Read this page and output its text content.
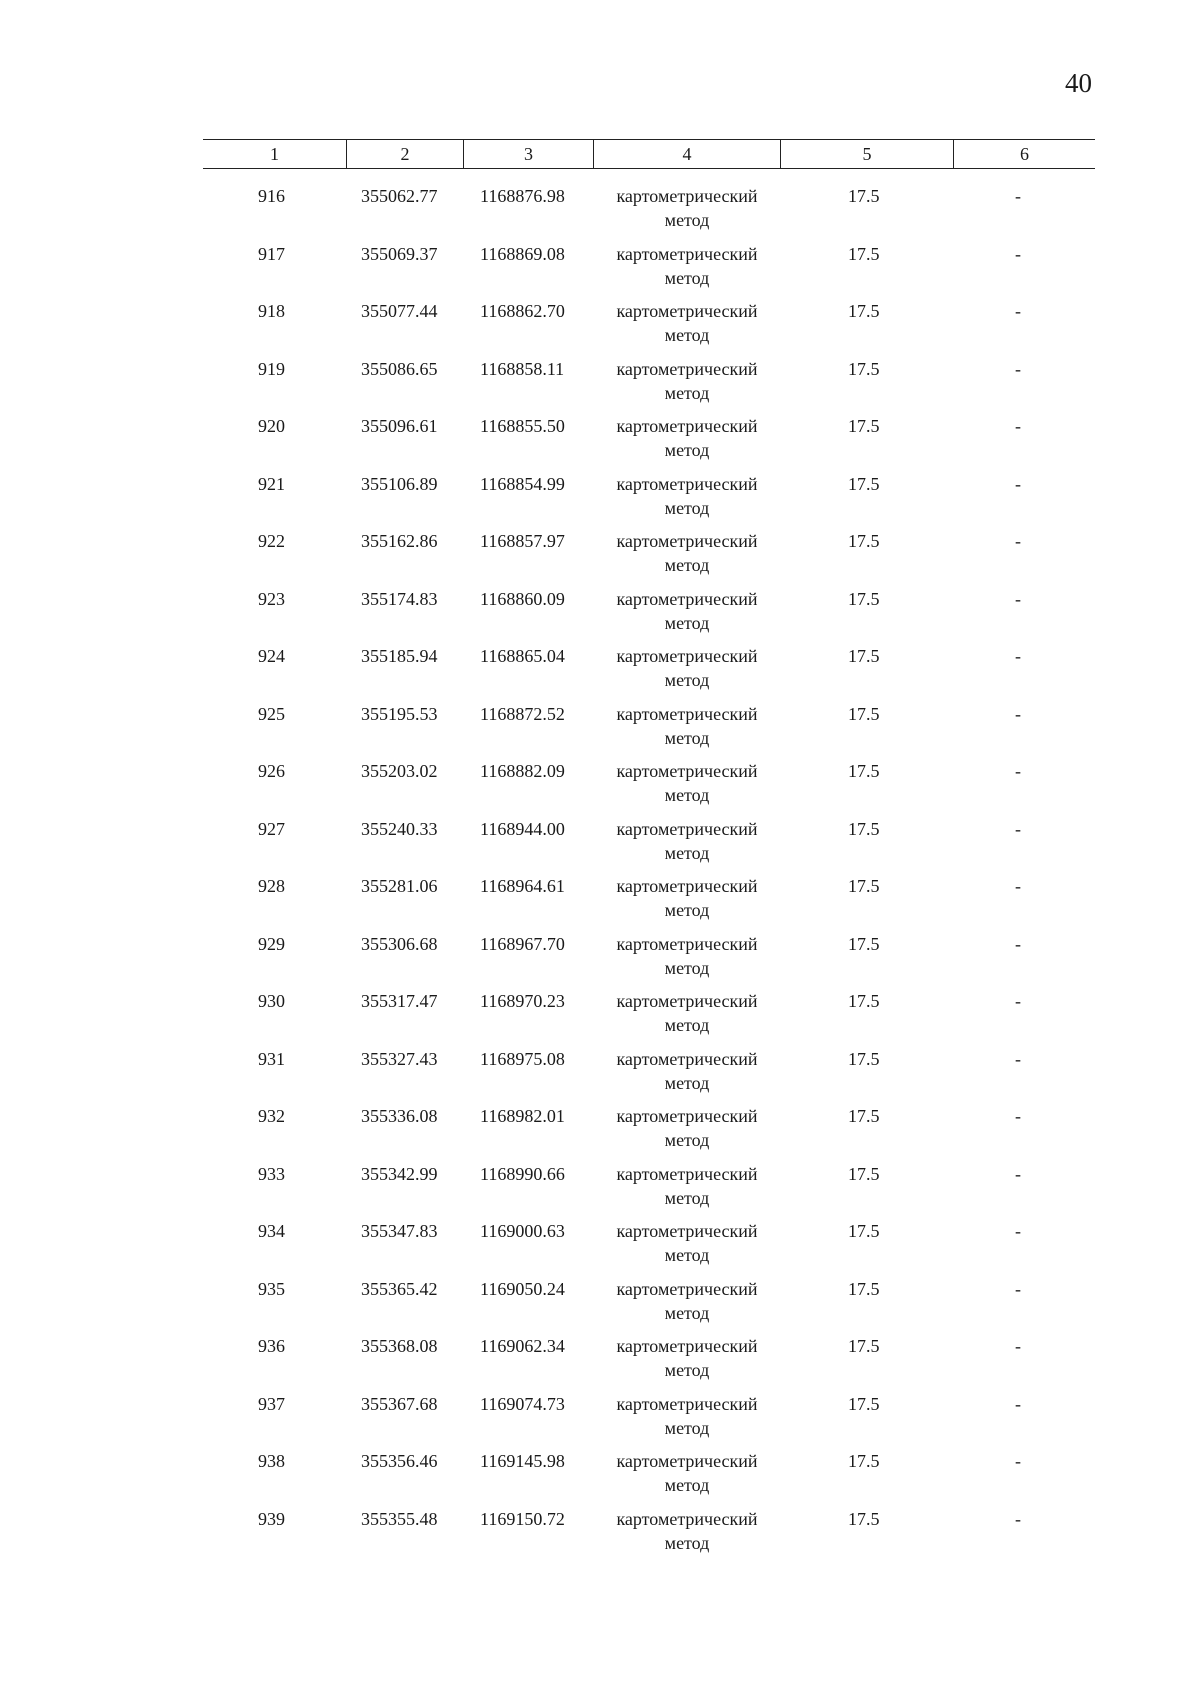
40
1	2	3	4	5	6
916	355062.77 1168876.98	картометрический
метод
17.5	-
917	355069.37 1168869.08	картометрический
метод
17.5	-
918	355077.44 1168862.70	картометрический
метод
17.5	-
919	355086.65 1168858.11	картометрический
метод
17.5	-
920	355096.61 1168855.50	картометрический
метод
17.5	-
921	355106.89 1168854.99	картометрический
метод
17.5	-
922	355162.86 1168857.97	картометрический
метод
17.5	-
923	355174.83 1168860.09	картометрический
метод
17.5	-
924	355185.94 1168865.04	картометрический
метод
17.5	-
925	355195.53 1168872.52	картометрический
метод
17.5	-
926	355203.02 1168882.09	картометрический
метод
17.5	-
927	355240.33 1168944.00	картометрический
метод
17.5	-
928	355281.06 1168964.61	картометрический
метод
17.5	-
929	355306.68 1168967.70	картометрический
метод
17.5	-
930	355317.47 1168970.23	картометрический
метод
17.5	-
931	355327.43 1168975.08	картометрический
метод
17.5	-
932	355336.08 1168982.01	картометрический
метод
17.5	-
933	355342.99 1168990.66	картометрический
метод
17.5	-
934	355347.83 1169000.63	картометрический
метод
17.5	-
935	355365.42 1169050.24	картометрический
метод
17.5	-
936	355368.08 1169062.34	картометрический
метод
17.5	-
937	355367.68 1169074.73	картометрический
метод
17.5	-
938	355356.46 1169145.98	картометрический
метод
17.5	-
939	355355.48 1169150.72	картометрический
метод
17.5	-
